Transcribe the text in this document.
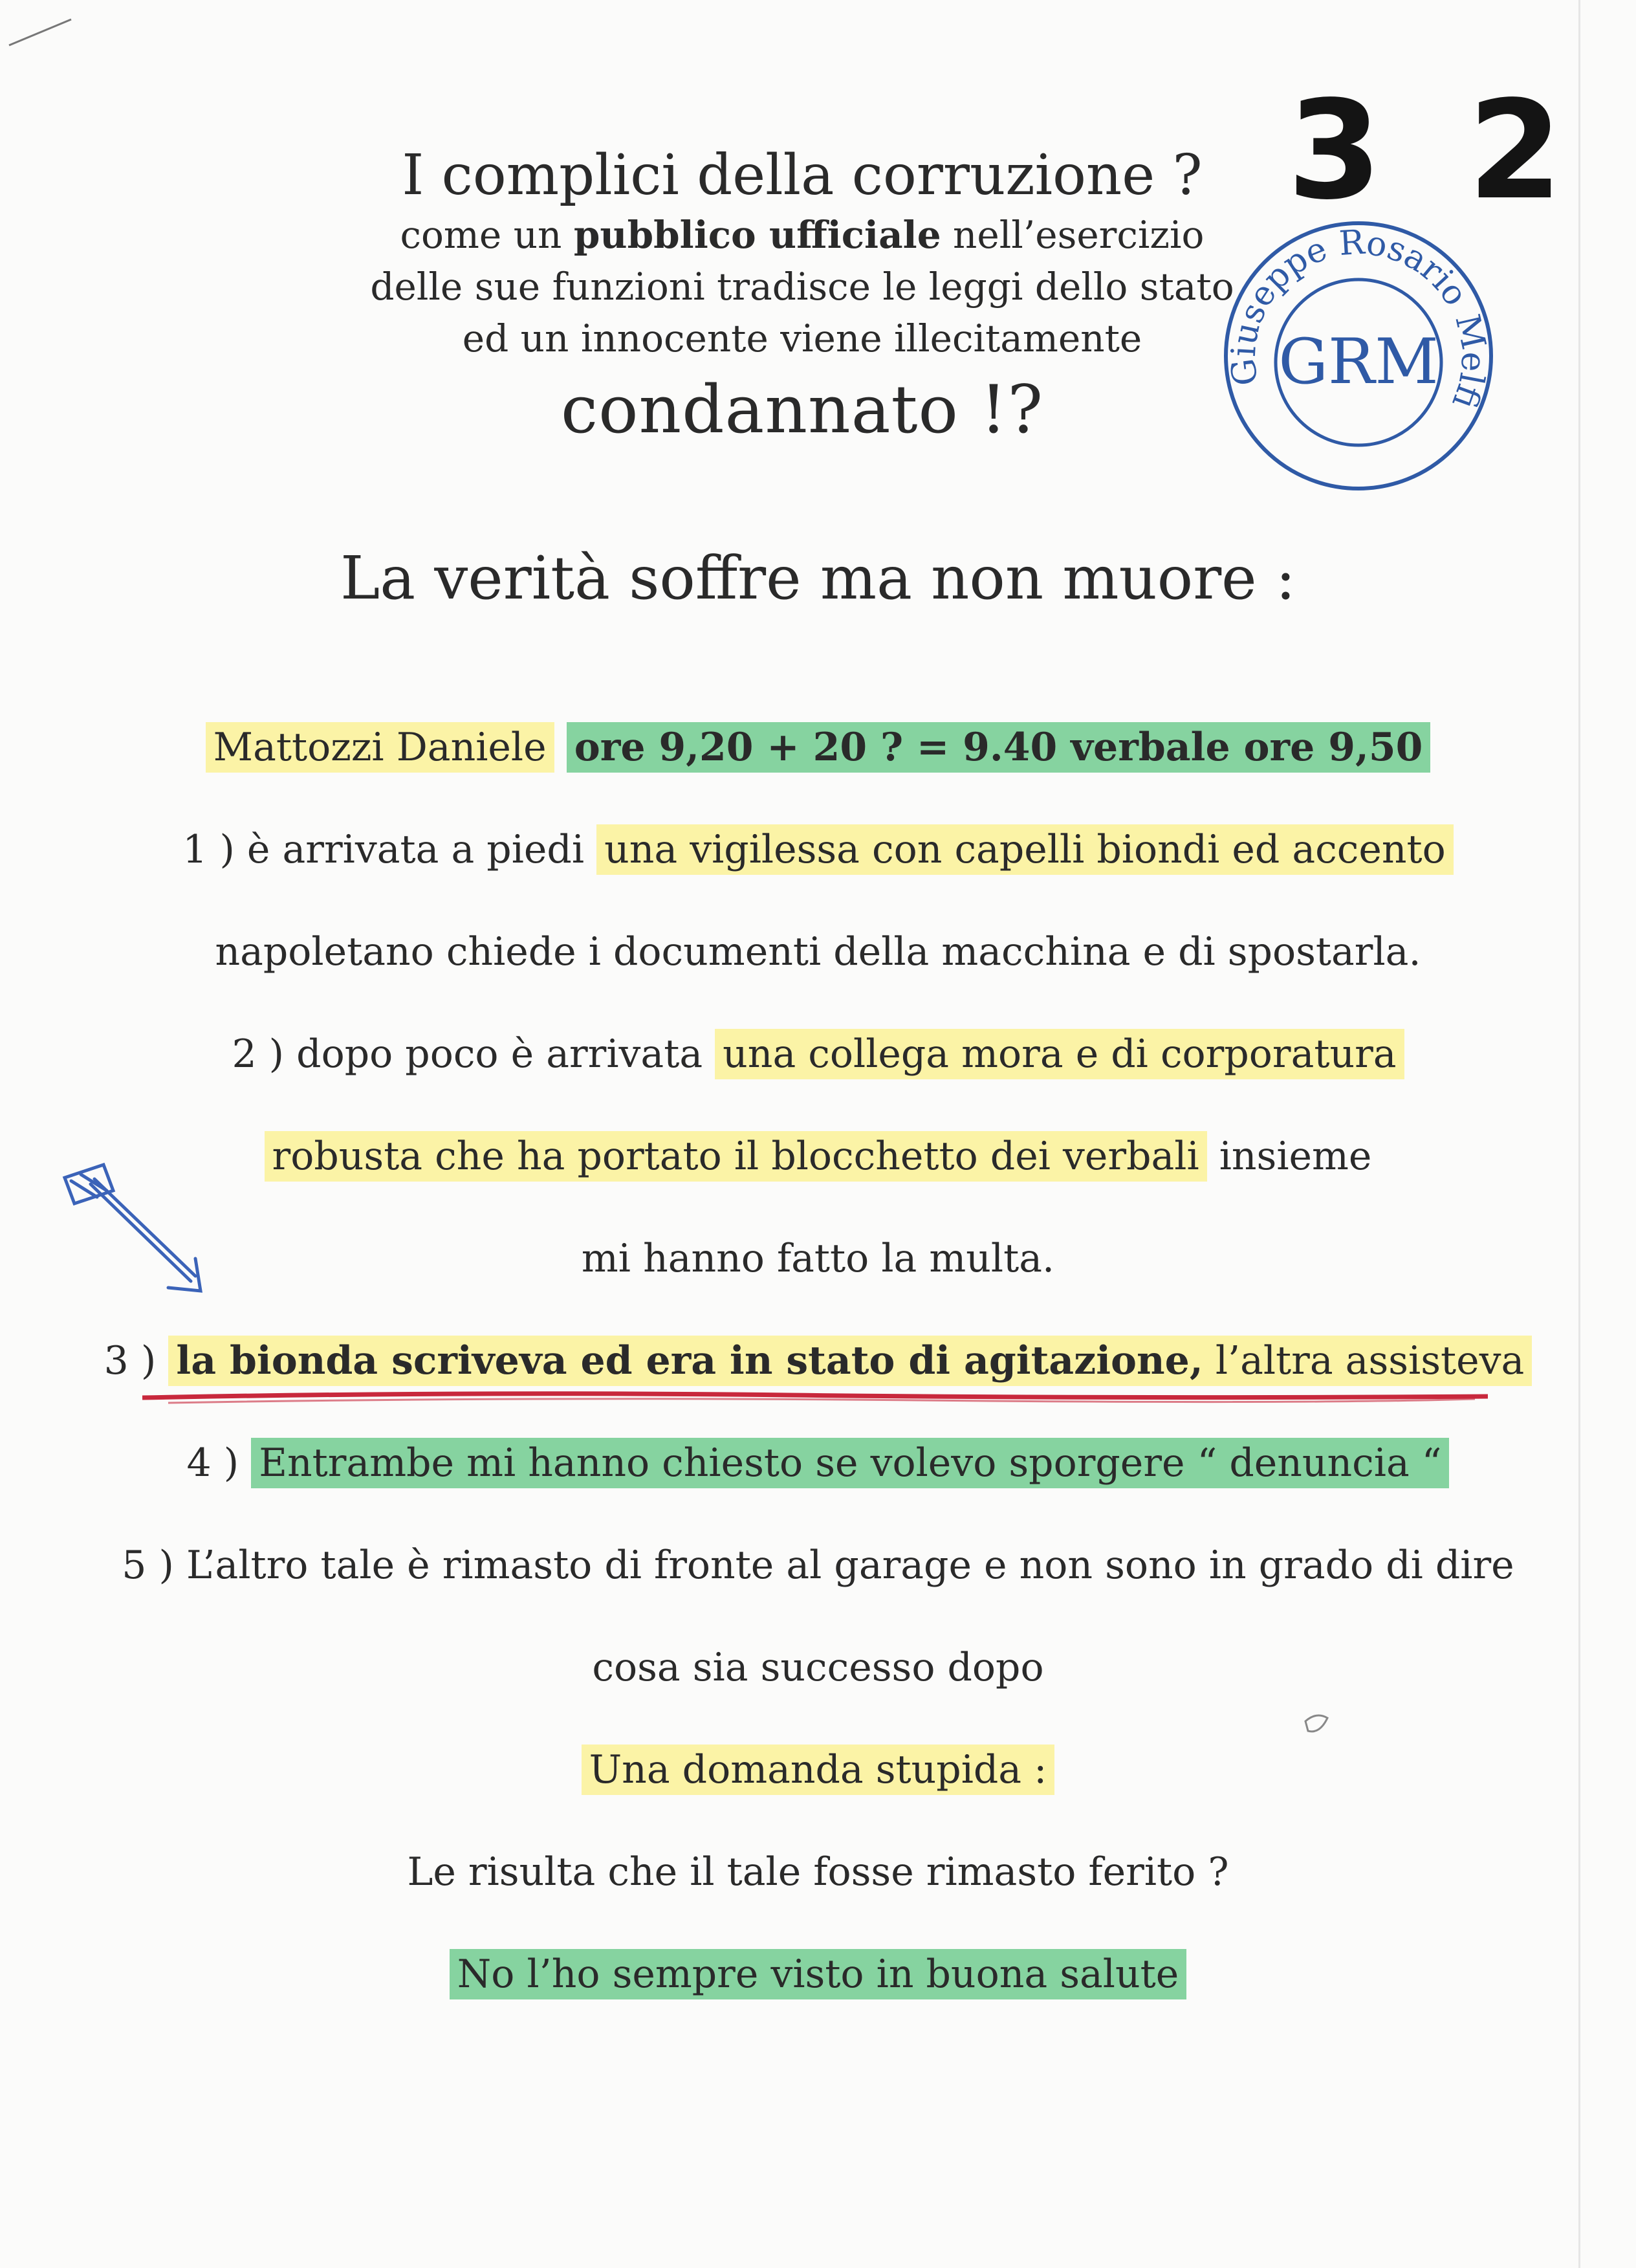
3 2

I complici della corruzione ?

come un pubblico ufficiale nell’esercizio

delle sue funzioni tradisce le leggi dello stato

ed un innocente viene illecitamente

condannato !?

La verità soffre ma non muore :
Giuseppe Rosario Melfi
GRM
Mattozzi Daniele ore 9,20 + 20 ? = 9.40 verbale ore 9,50
1 ) è arrivata a piedi una vigilessa con capelli biondi ed accento
napoletano chiede i documenti della macchina e di spostarla.
2 ) dopo poco è arrivata una collega mora e di corporatura
robusta che ha portato il blocchetto dei verbali insieme
mi hanno fatto la multa.
3 ) la bionda scriveva ed era in stato di agitazione, l’altra assisteva
4 ) Entrambe mi hanno chiesto se volevo sporgere “ denuncia “
5 ) L’altro tale è rimasto di fronte al garage e non sono in grado di dire
cosa sia successo dopo
Una domanda stupida :
Le risulta che il tale fosse rimasto ferito ?
No l’ho sempre visto in buona salute
